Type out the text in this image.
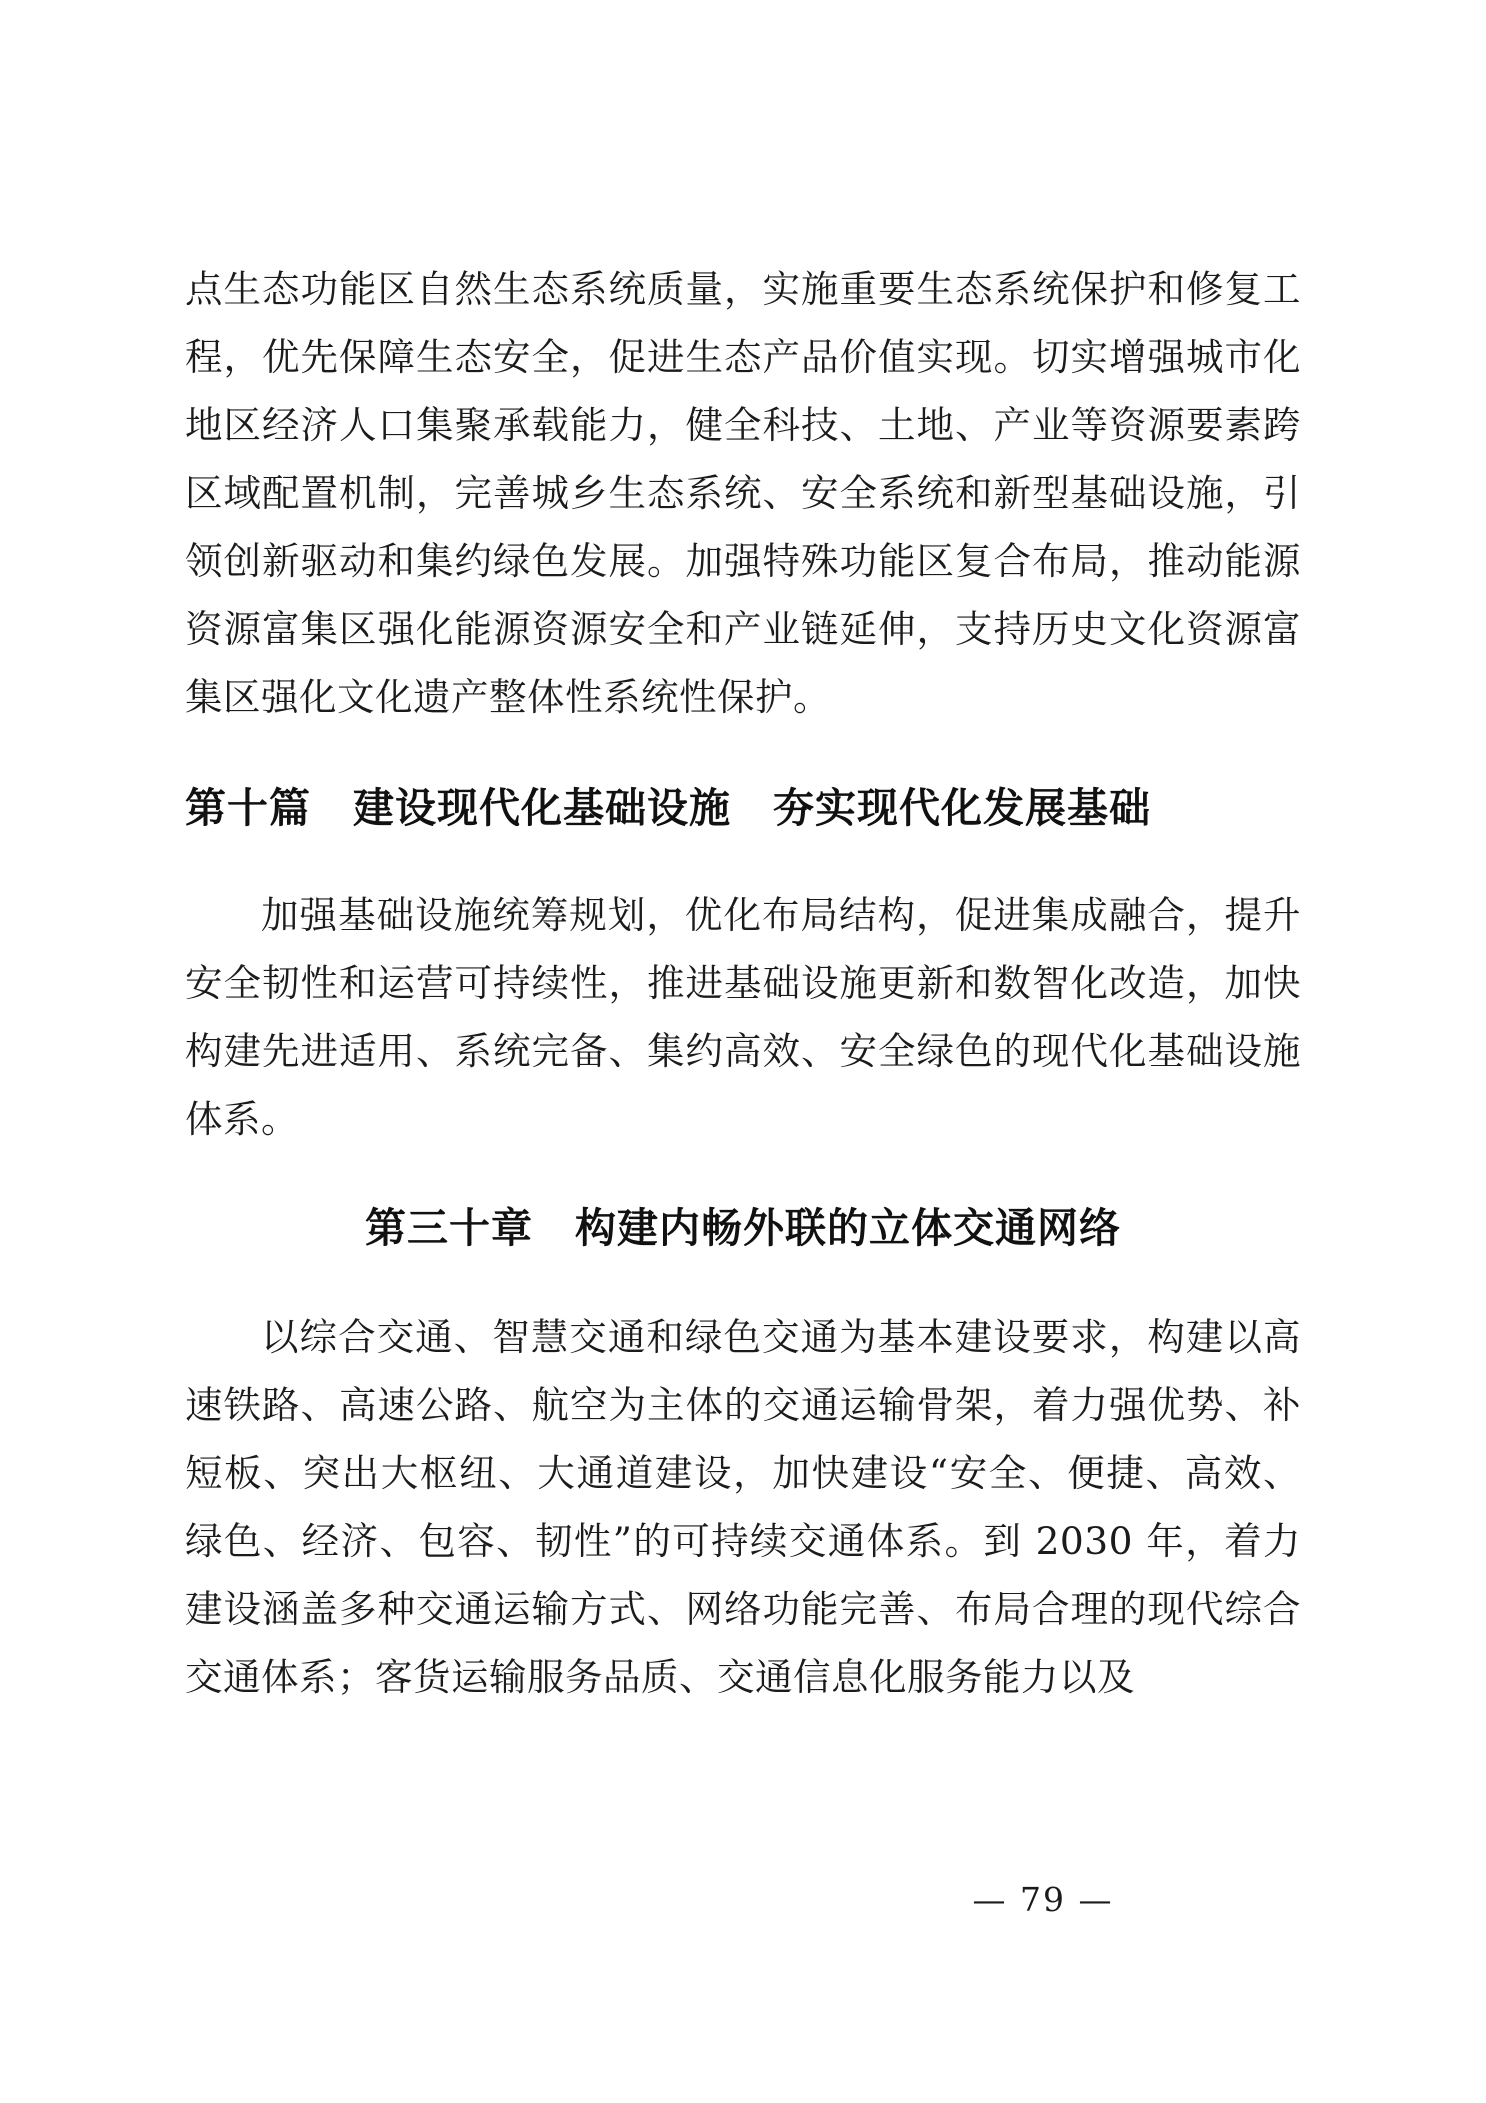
点生态功能区自然生态系统质量，实施重要生态系统保护和修复工程，优先保障生态安全，促进生态产品价值实现。切实增强城市化地区经济人口集聚承载能力，健全科技、土地、产业等资源要素跨区域配置机制，完善城乡生态系统、安全系统和新型基础设施，引领创新驱动和集约绿色发展。加强特殊功能区复合布局，推动能源资源富集区强化能源资源安全和产业链延伸，支持历史文化资源富集区强化文化遗产整体性系统性保护。

第十篇　建设现代化基础设施　夯实现代化发展基础

加强基础设施统筹规划，优化布局结构，促进集成融合，提升安全韧性和运营可持续性，推进基础设施更新和数智化改造，加快构建先进适用、系统完备、集约高效、安全绿色的现代化基础设施体系。

第三十章　构建内畅外联的立体交通网络

以综合交通、智慧交通和绿色交通为基本建设要求，构建以高速铁路、高速公路、航空为主体的交通运输骨架，着力强优势、补短板、突出大枢纽、大通道建设，加快建设“安全、便捷、高效、绿色、经济、包容、韧性”的可持续交通体系。到 2030 年，着力建设涵盖多种交通运输方式、网络功能完善、布局合理的现代综合交通体系；客货运输服务品质、交通信息化服务能力以及

— 79 —
